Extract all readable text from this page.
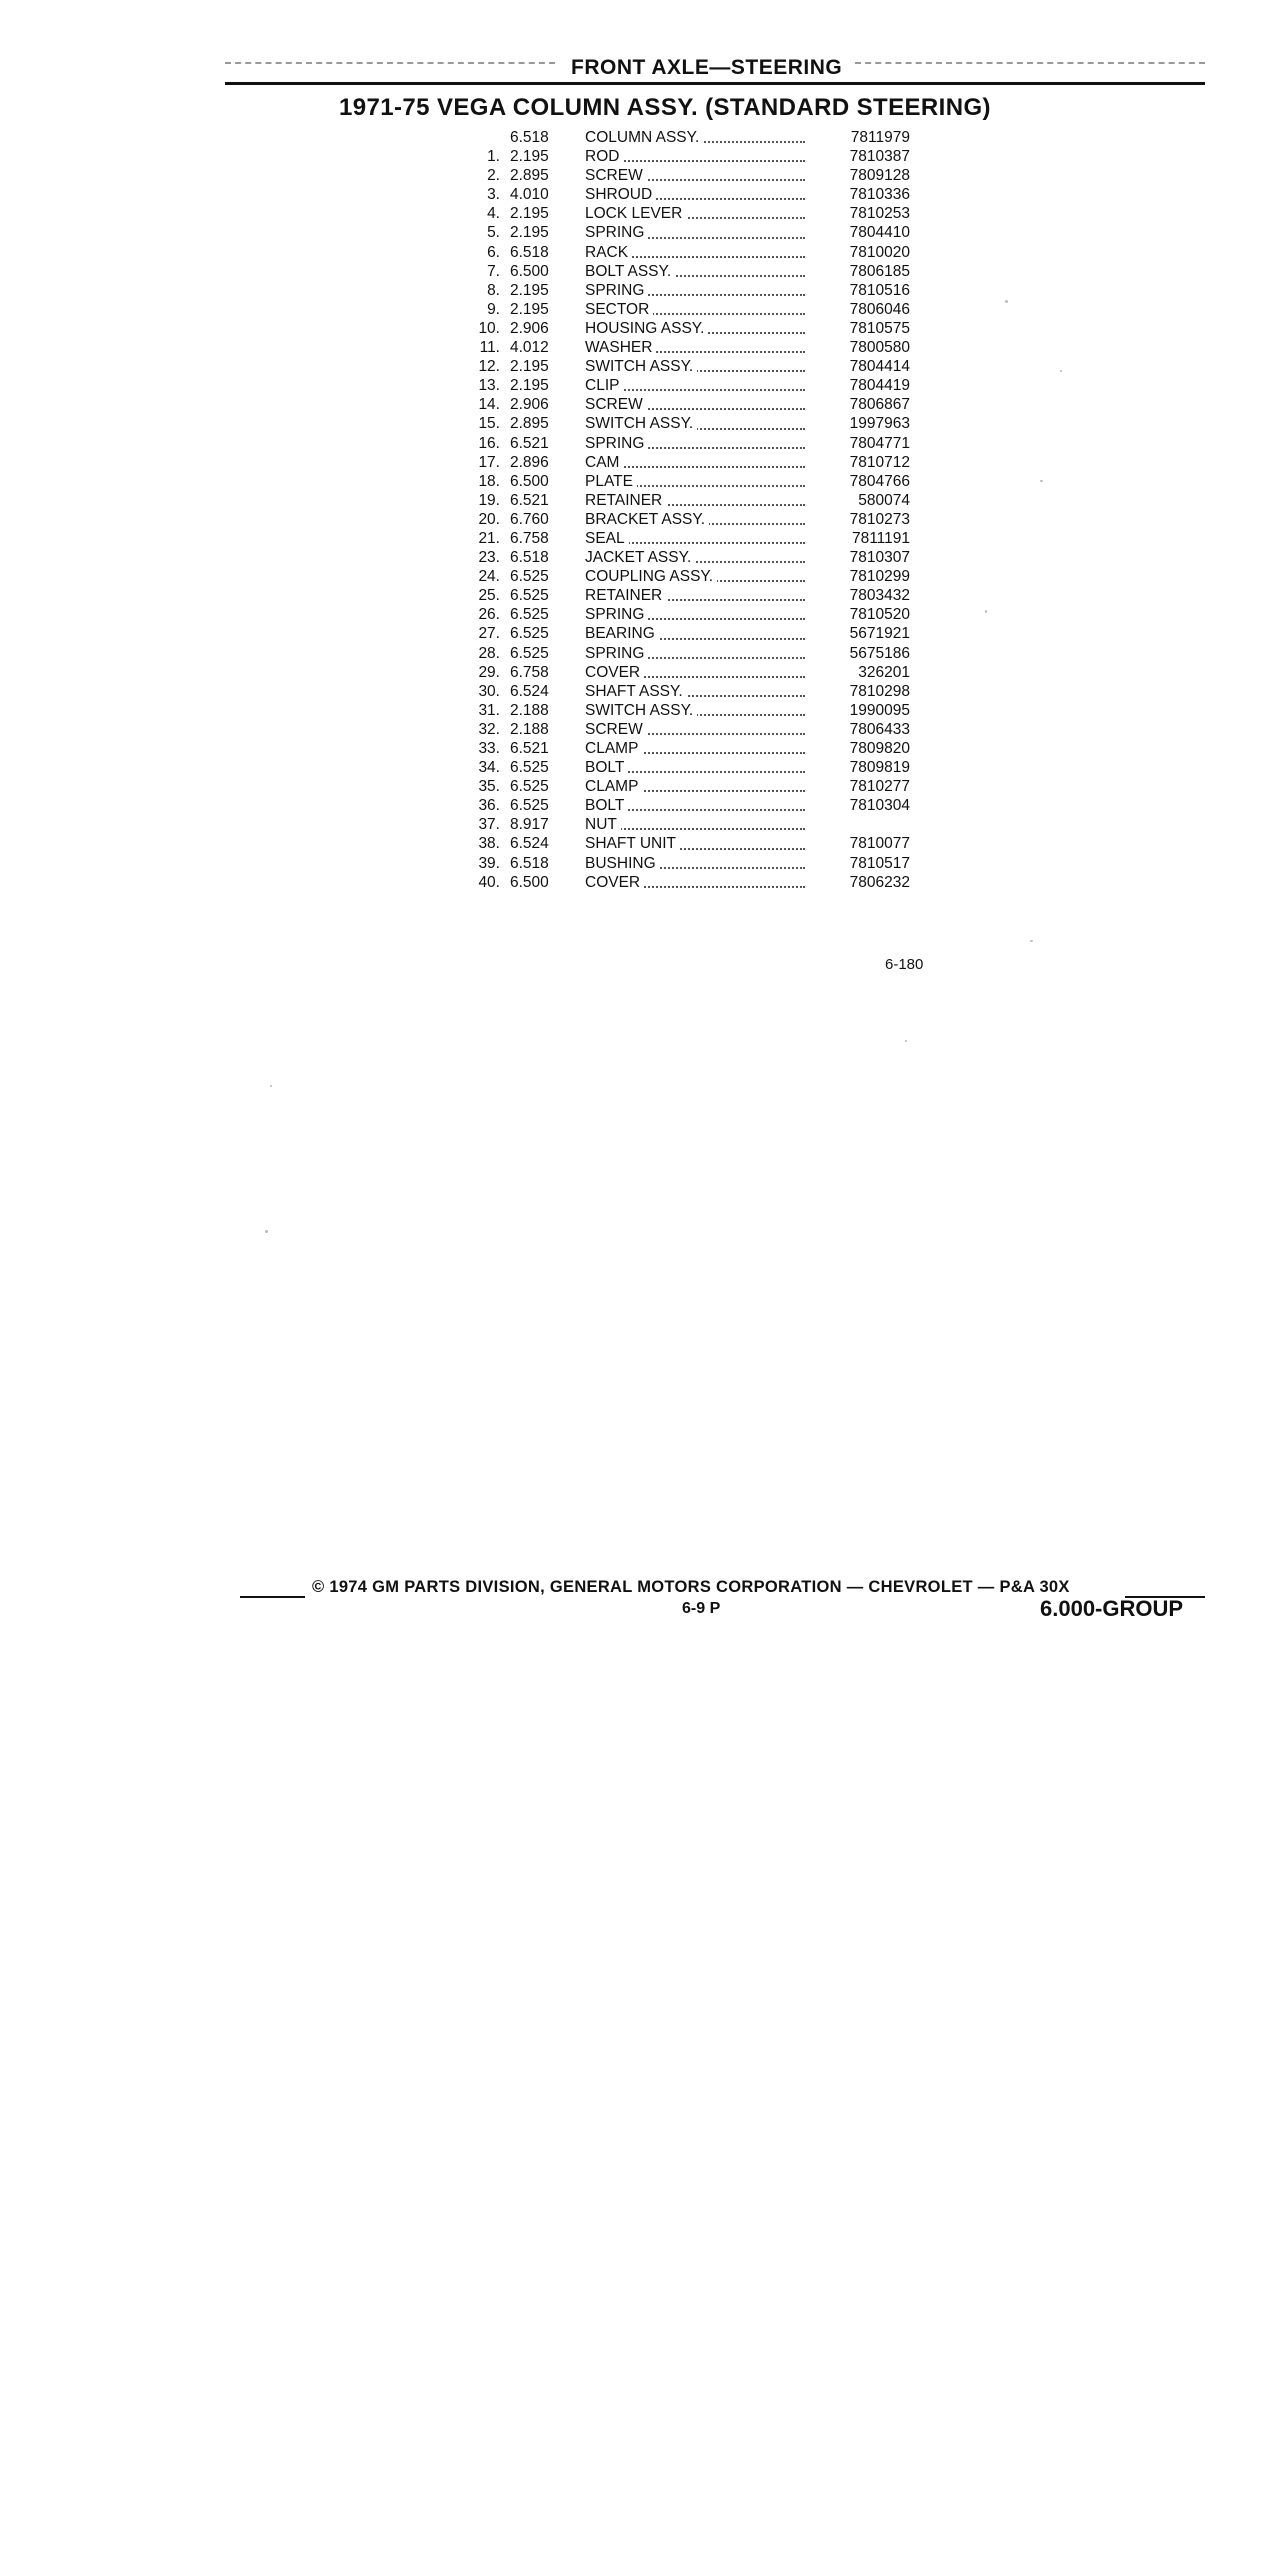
FRONT AXLE—STEERING
1971-75 VEGA COLUMN ASSY. (STANDARD STEERING)
6.518 COLUMN ASSY.	7811979
1. 2.195 ROD	7810387
2. 2.895 SCREW	7809128
3. 4.010 SHROUD	7810336
4. 2.195 LOCK LEVER	7810253
5. 2.195 SPRING	7804410
6. 6.518 RACK	7810020
7. 6.500 BOLT ASSY.	7806185
8. 2.195 SPRING	7810516
9. 2.195 SECTOR	7806046
10. 2.906 HOUSING ASSY.	7810575
11. 4.012 WASHER	7800580
12. 2.195 SWITCH ASSY.	7804414
13. 2.195 CLIP	7804419
14. 2.906 SCREW	7806867
15. 2.895 SWITCH ASSY.	1997963
16. 6.521 SPRING	7804771
17. 2.896 CAM	7810712
18. 6.500 PLATE	7804766
19. 6.521 RETAINER	580074
20. 6.760 BRACKET ASSY.	7810273
21. 6.758 SEAL	7811191
23. 6.518 JACKET ASSY.	7810307
24. 6.525 COUPLING ASSY.	7810299
25. 6.525 RETAINER	7803432
26. 6.525 SPRING	7810520
27. 6.525 BEARING	5671921
28. 6.525 SPRING	5675186
29. 6.758 COVER	326201
30. 6.524 SHAFT ASSY.	7810298
31. 2.188 SWITCH ASSY.	1990095
32. 2.188 SCREW	7806433
33. 6.521 CLAMP	7809820
34. 6.525 BOLT	7809819
35. 6.525 CLAMP	7810277
36. 6.525 BOLT	7810304
37. 8.917 NUT
38. 6.524 SHAFT UNIT	7810077
39. 6.518 BUSHING	7810517
40. 6.500 COVER	7806232
6-180
© 1974 GM PARTS DIVISION, GENERAL MOTORS CORPORATION — CHEVROLET — P&A 30X
6-9 P	6.000-GROUP
